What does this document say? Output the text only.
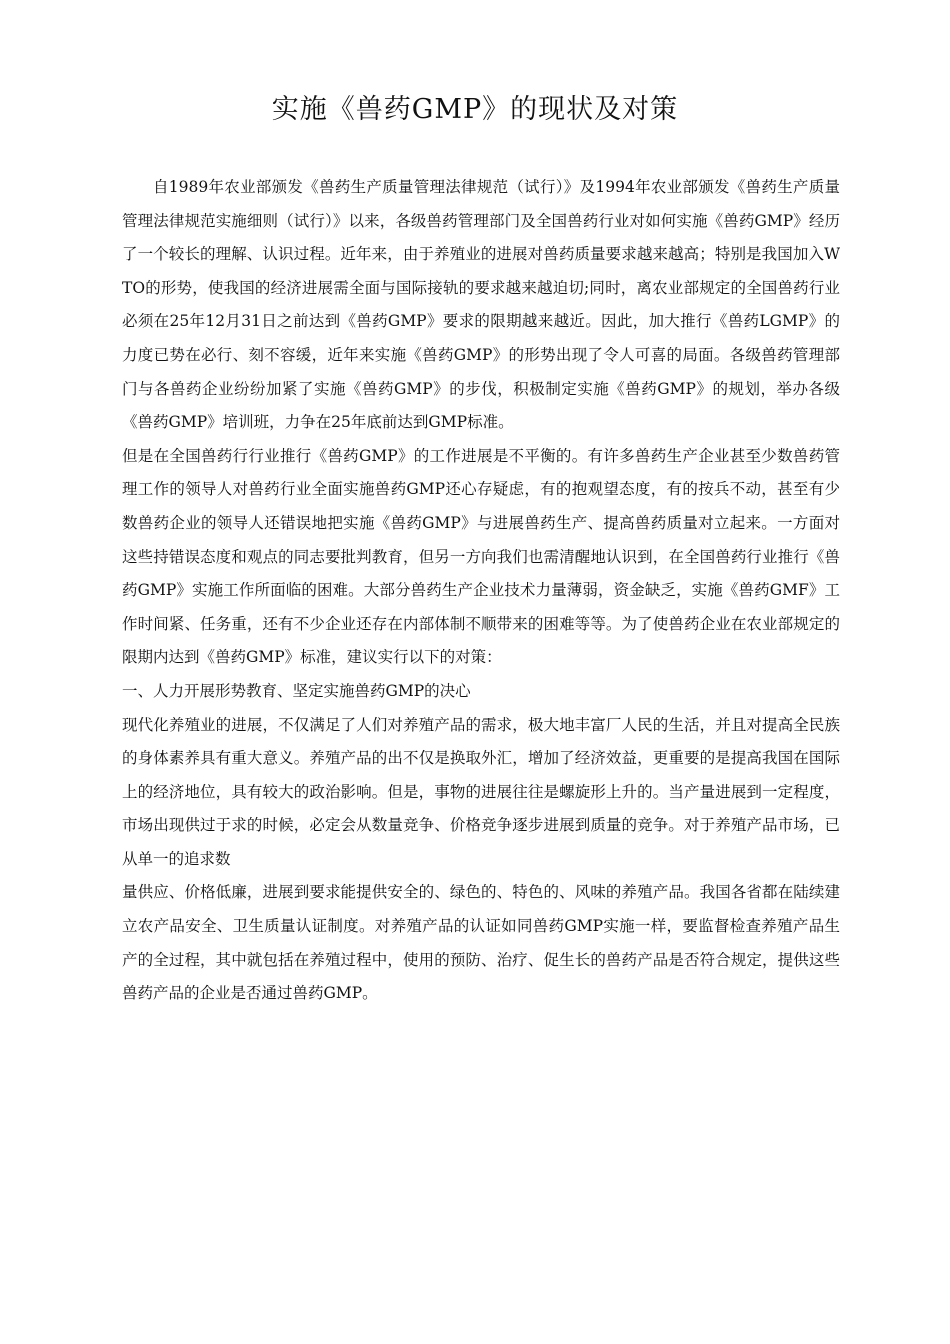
实施《兽药GMP》的现状及对策

自1989年农业部颁发《兽药生产质量管理法律规范（试行）》及1994年农业部颁发《兽药生产质量管理法律规范实施细则（试行）》以来，各级兽药管理部门及全国兽药行业对如何实施《兽药GMP》经历了一个较长的理解、认识过程。近年来，由于养殖业的进展对兽药质量要求越来越高；特别是我国加入WTO的形势，使我国的经济进展需全面与国际接轨的要求越来越迫切;同时，离农业部规定的全国兽药行业必须在25年12月31日之前达到《兽药GMP》要求的限期越来越近。因此，加大推行《兽药LGMP》的力度已势在必行、刻不容缓，近年来实施《兽药GMP》的形势出现了令人可喜的局面。各级兽药管理部门与各兽药企业纷纷加紧了实施《兽药GMP》的步伐，积极制定实施《兽药GMP》的规划，举办各级《兽药GMP》培训班，力争在25年底前达到GMP标准。

但是在全国兽药行行业推行《兽药GMP》的工作进展是不平衡的。有许多兽药生产企业甚至少数兽药管理工作的领导人对兽药行业全面实施兽药GMP还心存疑虑，有的抱观望态度，有的按兵不动，甚至有少数兽药企业的领导人还错误地把实施《兽药GMP》与进展兽药生产、提高兽药质量对立起来。一方面对这些持错误态度和观点的同志要批判教育，但另一方向我们也需清醒地认识到，在全国兽药行业推行《兽药GMP》实施工作所面临的困难。大部分兽药生产企业技术力量薄弱，资金缺乏，实施《兽药GMF》工作时间紧、任务重，还有不少企业还存在内部体制不顺带来的困难等等。为了使兽药企业在农业部规定的限期内达到《兽药GMP》标准，建议实行以下的对策：

一、人力开展形势教育、坚定实施兽药GMP的决心

现代化养殖业的进展，不仅满足了人们对养殖产品的需求，极大地丰富厂人民的生活，并且对提高全民族的身体素养具有重大意义。养殖产品的出不仅是换取外汇，增加了经济效益，更重要的是提高我国在国际上的经济地位，具有较大的政治影响。但是，事物的进展往往是螺旋形上升的。当产量进展到一定程度，市场出现供过于求的时候，必定会从数量竞争、价格竞争逐步进展到质量的竞争。对于养殖产品市场，已从单一的追求数

量供应、价格低廉，进展到要求能提供安全的、绿色的、特色的、风味的养殖产品。我国各省都在陆续建立农产品安全、卫生质量认证制度。对养殖产品的认证如同兽药GMP实施一样，要监督检查养殖产品生产的全过程，其中就包括在养殖过程中，使用的预防、治疗、促生长的兽药产品是否符合规定，提供这些兽药产品的企业是否通过兽药GMP。
